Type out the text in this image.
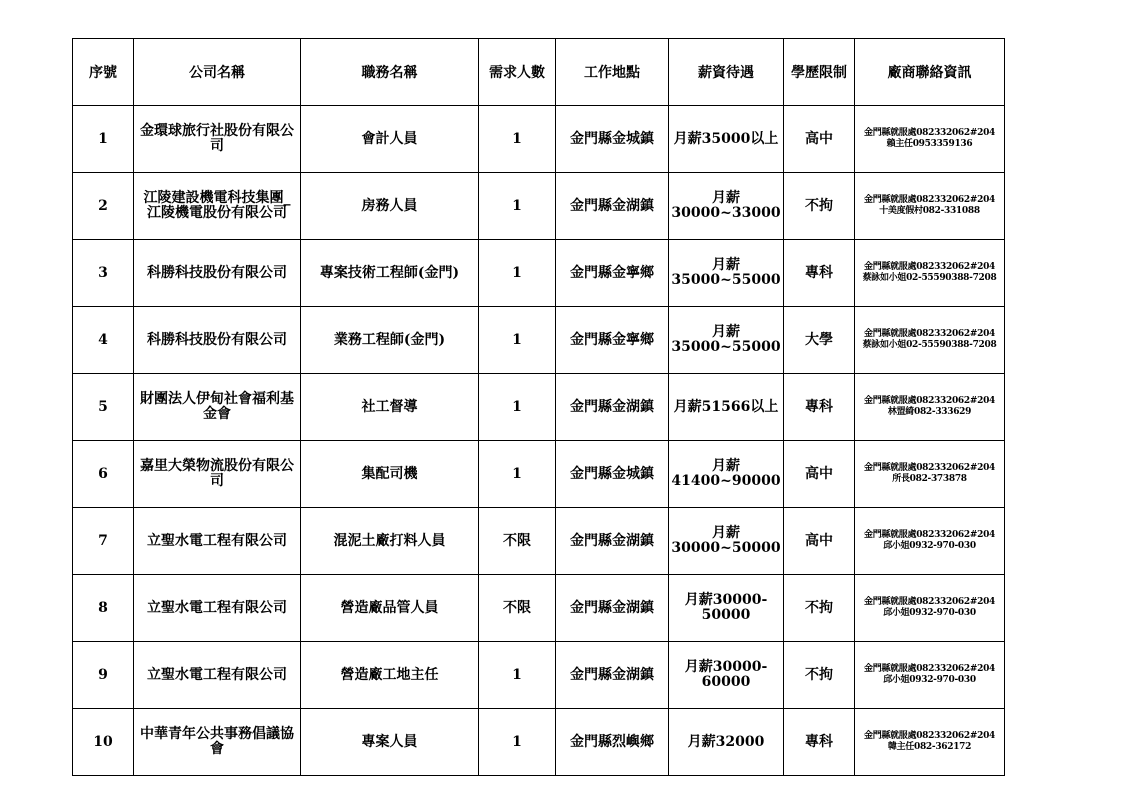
序號	公司名稱	職務名稱	需求人數	工作地點	薪資待遇	學歷限制	廠商聯絡資訊
1	金環球旅行社股份有限公司	會計人員	1	金門縣金城鎮	月薪35000以上	高中	金門縣就服處082332062#204
賴主任0953359136

2	江陵建設機電科技集團_江陵機電股份有限公司	房務人員	1	金門縣金湖鎮	月薪 30000~33000	不拘	金門縣就服處082332062#204
十美度假村082-331088

3	科勝科技股份有限公司	專案技術工程師(金門)	1	金門縣金寧鄉	月薪 35000~55000	專科	金門縣就服處082332062#204
蔡詠如小姐02-55590388-7208

4	科勝科技股份有限公司	業務工程師(金門)	1	金門縣金寧鄉	月薪 35000~55000	大學	金門縣就服處082332062#204
蔡詠如小姐02-55590388-7208

5	財團法人伊甸社會福利基金會	社工督導	1	金門縣金湖鎮	月薪51566以上	專科	金門縣就服處082332062#204
林盟綺082-333629

6	嘉里大榮物流股份有限公司	集配司機	1	金門縣金城鎮	月薪 41400~90000	高中	金門縣就服處082332062#204
所長082-373878

7	立聖水電工程有限公司	混泥土廠打料人員	不限	金門縣金湖鎮	月薪 30000~50000	高中	金門縣就服處082332062#204
邱小姐0932-970-030

8	立聖水電工程有限公司	營造廠品管人員	不限	金門縣金湖鎮	月薪30000-50000	不拘	金門縣就服處082332062#204
邱小姐0932-970-030

9	立聖水電工程有限公司	營造廠工地主任	1	金門縣金湖鎮	月薪30000-60000	不拘	金門縣就服處082332062#204
邱小姐0932-970-030

10	中華青年公共事務倡議協會	專案人員	1	金門縣烈嶼鄉	月薪32000	專科	金門縣就服處082332062#204
韓主任082-362172
